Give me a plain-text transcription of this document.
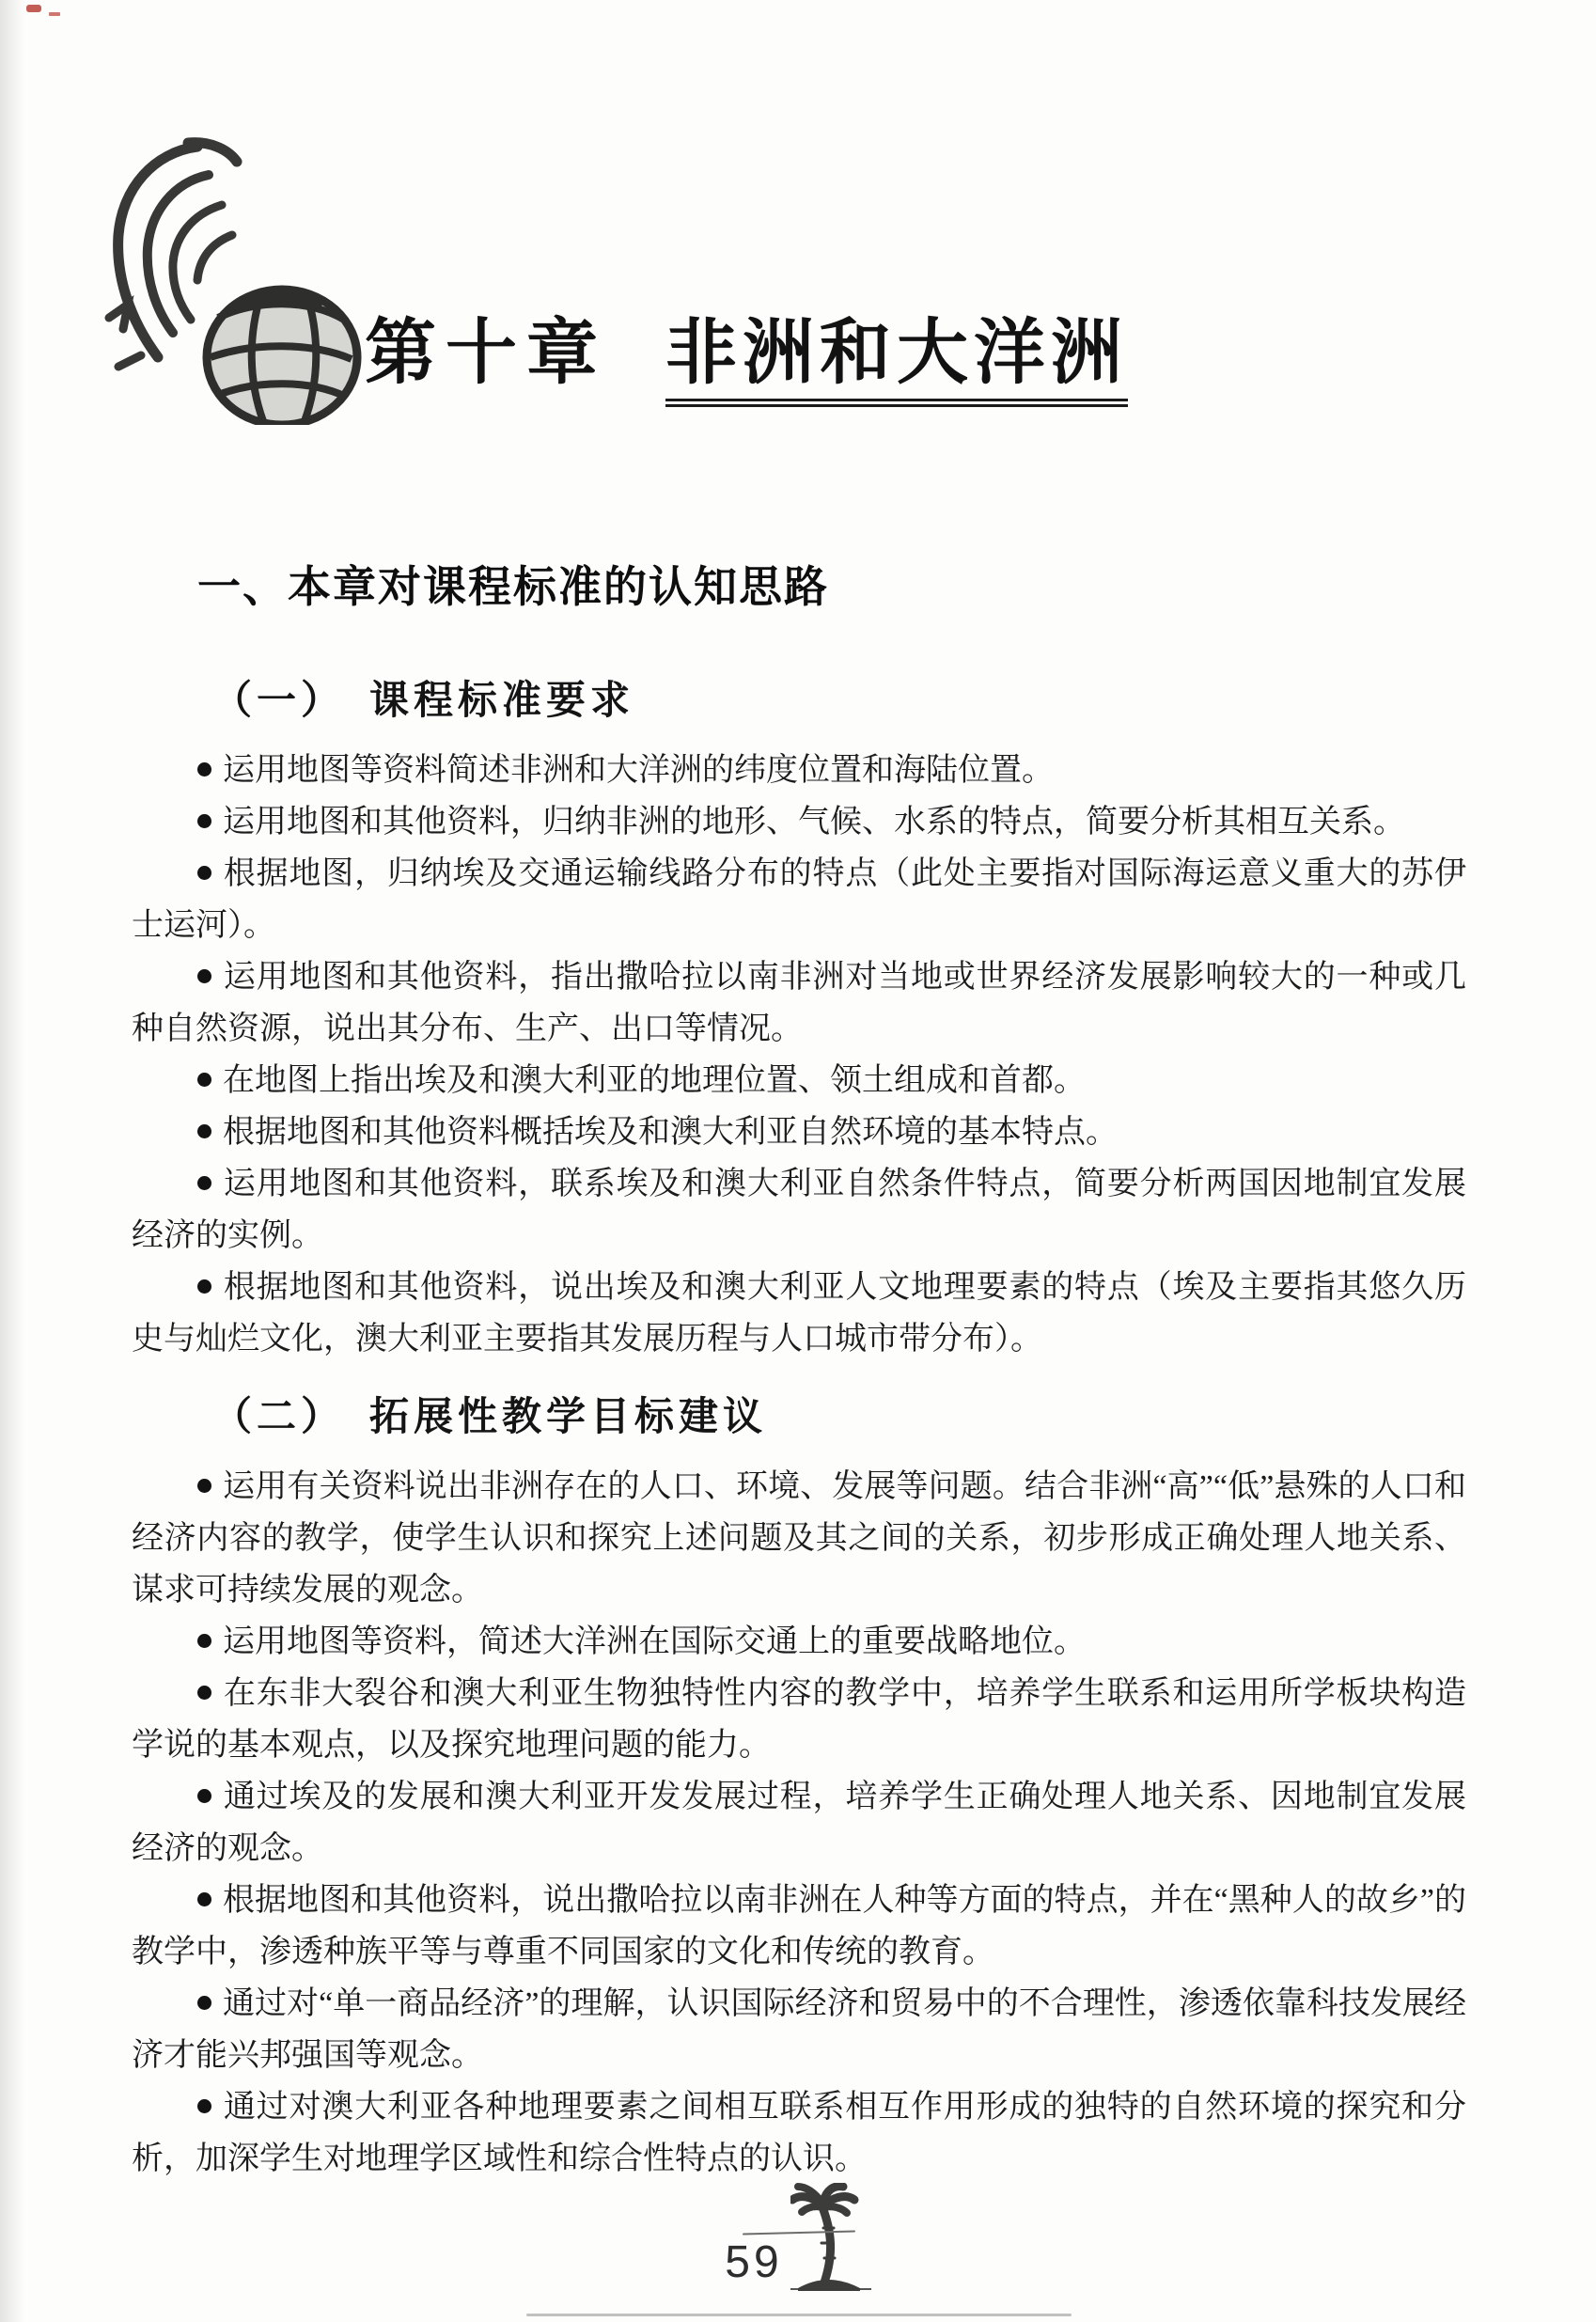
第十章 非洲和大洋洲
一、本章对课程标准的认知思路
（一）　课程标准要求

运用地图等资料简述非洲和大洋洲的纬度位置和海陆位置。

运用地图和其他资料，归纳非洲的地形、气候、水系的特点，简要分析其相互关系。

根据地图，归纳埃及交通运输线路分布的特点（此处主要指对国际海运意义重大的苏伊士运河）。

运用地图和其他资料，指出撒哈拉以南非洲对当地或世界经济发展影响较大的一种或几种自然资源，说出其分布、生产、出口等情况。

在地图上指出埃及和澳大利亚的地理位置、领土组成和首都。

根据地图和其他资料概括埃及和澳大利亚自然环境的基本特点。

运用地图和其他资料，联系埃及和澳大利亚自然条件特点，简要分析两国因地制宜发展经济的实例。

根据地图和其他资料，说出埃及和澳大利亚人文地理要素的特点（埃及主要指其悠久历史与灿烂文化，澳大利亚主要指其发展历程与人口城市带分布）。

（二）　拓展性教学目标建议

运用有关资料说出非洲存在的人口、环境、发展等问题。结合非洲“高”“低”悬殊的人口和经济内容的教学，使学生认识和探究上述问题及其之间的关系，初步形成正确处理人地关系、谋求可持续发展的观念。

运用地图等资料，简述大洋洲在国际交通上的重要战略地位。

在东非大裂谷和澳大利亚生物独特性内容的教学中，培养学生联系和运用所学板块构造学说的基本观点，以及探究地理问题的能力。

通过埃及的发展和澳大利亚开发发展过程，培养学生正确处理人地关系、因地制宜发展经济的观念。

根据地图和其他资料，说出撒哈拉以南非洲在人种等方面的特点，并在“黑种人的故乡”的教学中，渗透种族平等与尊重不同国家的文化和传统的教育。

通过对“单一商品经济”的理解，认识国际经济和贸易中的不合理性，渗透依靠科技发展经济才能兴邦强国等观念。

通过对澳大利亚各种地理要素之间相互联系相互作用形成的独特的自然环境的探究和分析，加深学生对地理学区域性和综合性特点的认识。

59
